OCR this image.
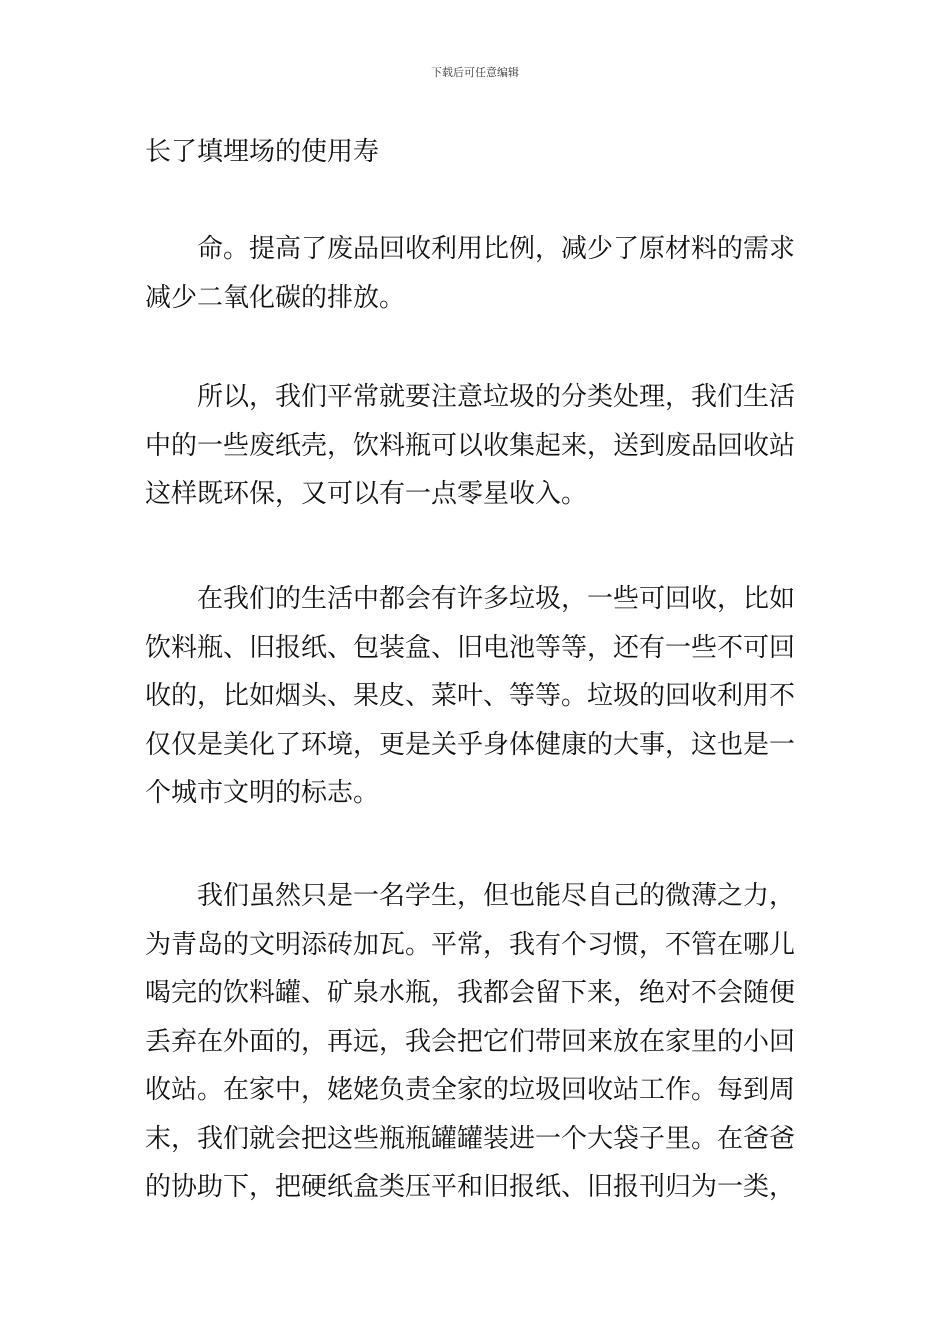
下载后可任意编辑
长了填埋场的使用寿
命。提高了废品回收利用比例，减少了原材料的需求
减少二氧化碳的排放。
所以，我们平常就要注意垃圾的分类处理，我们生活
中的一些废纸壳，饮料瓶可以收集起来，送到废品回收站
这样既环保，又可以有一点零星收入。
在我们的生活中都会有许多垃圾，一些可回收，比如
饮料瓶、旧报纸、包装盒、旧电池等等，还有一些不可回
收的，比如烟头、果皮、菜叶、等等。垃圾的回收利用不
仅仅是美化了环境，更是关乎身体健康的大事，这也是一
个城市文明的标志。
我们虽然只是一名学生，但也能尽自己的微薄之力，
为青岛的文明添砖加瓦。平常，我有个习惯，不管在哪儿
喝完的饮料罐、矿泉水瓶，我都会留下来，绝对不会随便
丢弃在外面的，再远，我会把它们带回来放在家里的小回
收站。在家中，姥姥负责全家的垃圾回收站工作。每到周
末，我们就会把这些瓶瓶罐罐装进一个大袋子里。在爸爸
的协助下，把硬纸盒类压平和旧报纸、旧报刊归为一类，
